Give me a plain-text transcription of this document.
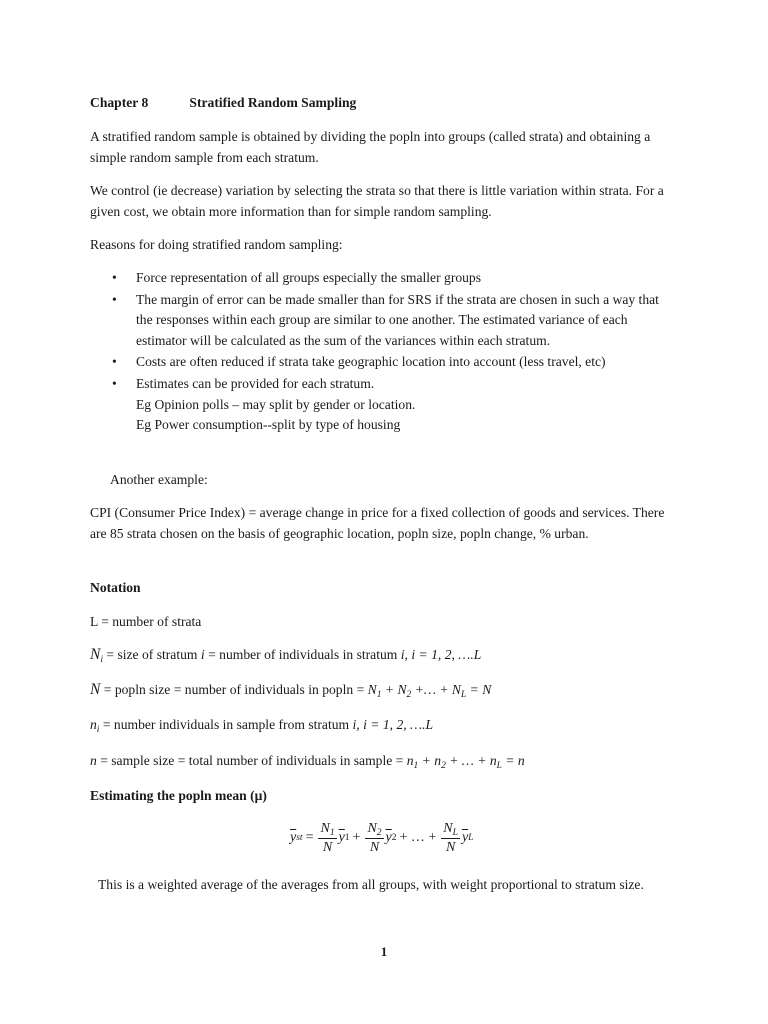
Chapter 8	Stratified Random Sampling

A stratified random sample is obtained by dividing the popln into groups (called strata) and obtaining a simple random sample from each stratum.

We control (ie decrease) variation by selecting the strata so that there is little variation within strata. For a given cost, we obtain more information than for simple random sampling.

Reasons for doing stratified random sampling:

• Force representation of all groups especially the smaller groups
• The margin of error can be made smaller than for SRS if the strata are chosen in such a way that the responses within each group are similar to one another. The estimated variance of each estimator will be calculated as the sum of the variances within each stratum.
• Costs are often reduced if strata take geographic location into account (less travel, etc)
• Estimates can be provided for each stratum.
Eg Opinion polls – may split by gender or location.
Eg Power consumption--split by type of housing

Another example:

CPI (Consumer Price Index) = average change in price for a fixed collection of goods and services. There are 85 strata chosen on the basis of geographic location, popln size, popln change, % urban.

Notation

L = number of strata

$N_i$ = size of stratum i = number of individuals in stratum i, i = 1, 2, ….L
N = popln size = number of individuals in $popln = N_1 + N_2$ +… + $N_L = N$
$n_i$ = number individuals in sample from stratum i, i = 1, 2, ….L
n = sample size = total number of individuals in sample = $n_1 + n_2$ + … + $n_L = n$

Estimating the popln mean (μ)

$\overline{y}$ st = $\frac{N_1}{N} \overline{y}$ $1 + \frac{N_2}{N} \overline{y}$ 2 + … + $\frac{N_L}{N} \overline{y}$ L

This is a weighted average of the averages from all groups, with weight proportional to stratum size.

1
